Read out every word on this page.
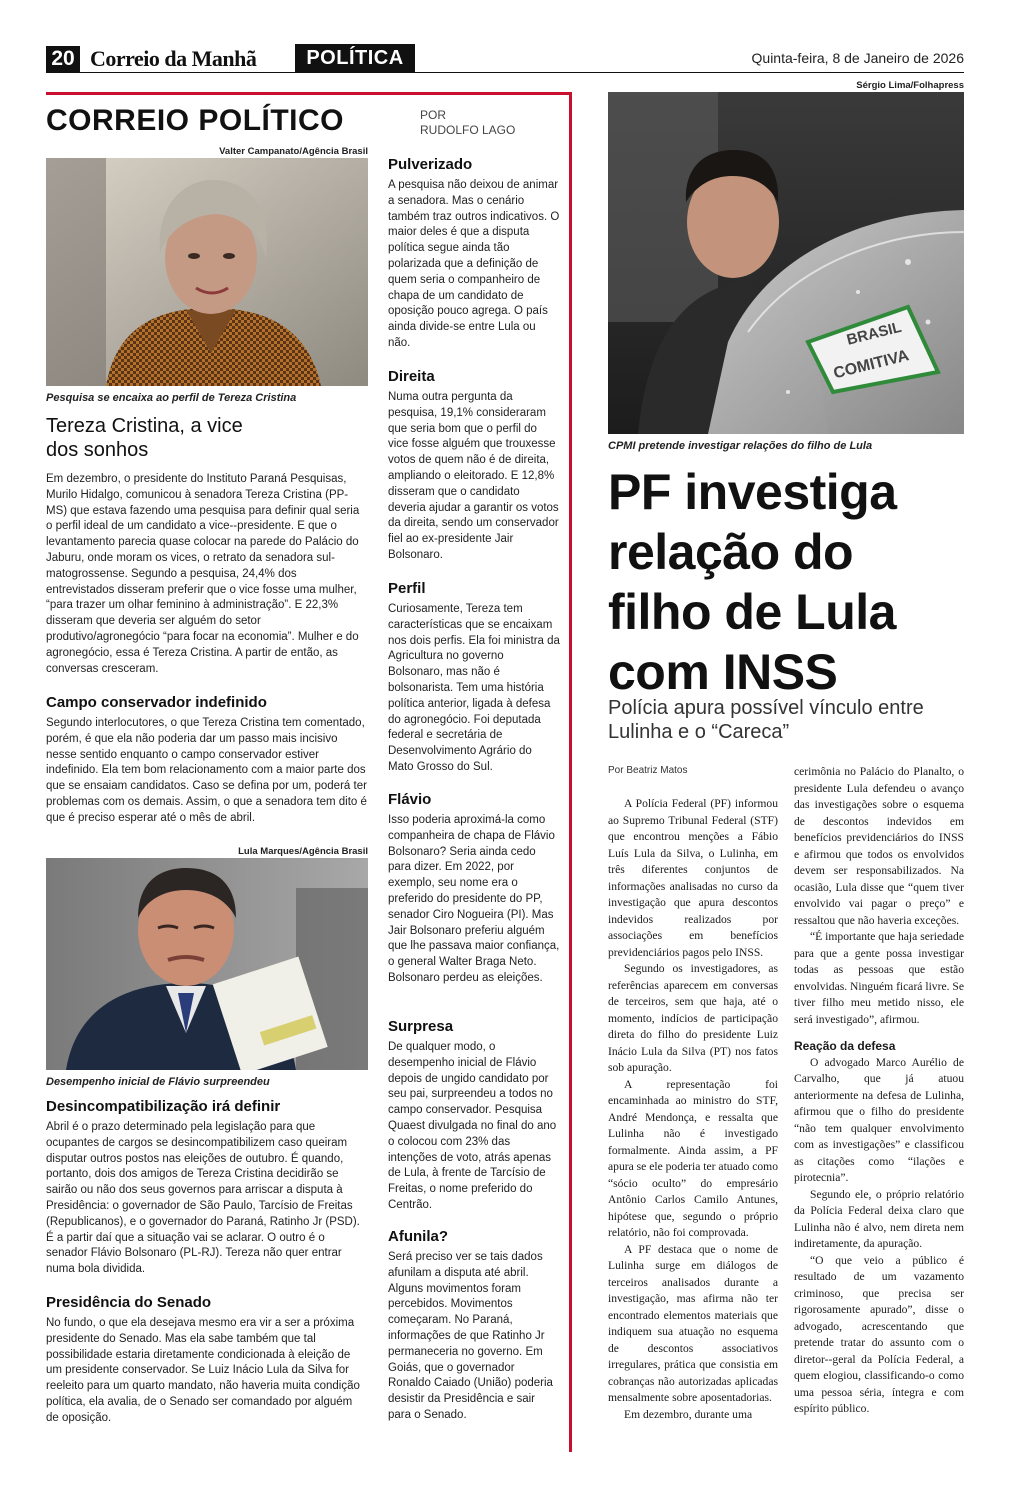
20 Correio da Manhã	POLÍTICA	Quinta-feira, 8 de Janeiro de 2026
CORREIO POLÍTICO	POR
RUDOLFO LAGO
Valter Campanato/Agência Brasil
Pesquisa se encaixa ao perfil de Tereza Cristina
Tereza Cristina, a vice dos sonhos
Em dezembro, o presidente do Instituto Paraná Pesquisas, Murilo Hidalgo, comunicou à senadora Tereza Cristina (PP-MS) que estava fazendo uma pesquisa para definir qual seria o perfil ideal de um candidato a vice--presidente. E que o levantamento parecia quase colocar na parede do Palácio do Jaburu, onde moram os vices, o retrato da senadora sul-matogrossense. Segundo a pesquisa, 24,4% dos entrevistados disseram preferir que o vice fosse uma mulher, “para trazer um olhar feminino à administração”. E 22,3% disseram que deveria ser alguém do setor produtivo/agronegócio “para focar na economia”. Mulher e do agronegócio, essa é Tereza Cristina. A partir de então, as conversas cresceram.
Campo conservador indefinido
Segundo interlocutores, o que Tereza Cristina tem comentado, porém, é que ela não poderia dar um passo mais incisivo nesse sentido enquanto o campo conservador estiver indefinido. Ela tem bom relacionamento com a maior parte dos que se ensaiam candidatos. Caso se defina por um, poderá ter problemas com os demais. Assim, o que a senadora tem dito é que é preciso esperar até o mês de abril.
Lula Marques/Agência Brasil
Desempenho inicial de Flávio surpreendeu
Desincompatibilização irá definir
Abril é o prazo determinado pela legislação para que ocupantes de cargos se desincompatibilizem caso queiram disputar outros postos nas eleições de outubro. É quando, portanto, dois dos amigos de Tereza Cristina decidirão se sairão ou não dos seus governos para arriscar a disputa à Presidência: o governador de São Paulo, Tarcísio de Freitas (Republicanos), e o governador do Paraná, Ratinho Jr (PSD). É a partir daí que a situação vai se aclarar. O outro é o senador Flávio Bolsonaro (PL-RJ). Tereza não quer entrar numa bola dividida.
Presidência do Senado
No fundo, o que ela desejava mesmo era vir a ser a próxima presidente do Senado. Mas ela sabe também que tal possibilidade estaria diretamente condicionada à eleição de um presidente conservador. Se Luiz Inácio Lula da Silva for reeleito para um quarto mandato, não haveria muita condição política, ela avalia, de o Senado ser comandado por alguém de oposição.
Pulverizado
A pesquisa não deixou de animar a senadora. Mas o cenário também traz outros indicativos. O maior deles é que a disputa política segue ainda tão polarizada que a definição de quem seria o companheiro de chapa de um candidato de oposição pouco agrega. O país ainda divide-se entre Lula ou não.
Direita
Numa outra pergunta da pesquisa, 19,1% consideraram que seria bom que o perfil do vice fosse alguém que trouxesse votos de quem não é de direita, ampliando o eleitorado. E 12,8% disseram que o candidato deveria ajudar a garantir os votos da direita, sendo um conservador fiel ao ex-presidente Jair Bolsonaro.
Perfil
Curiosamente, Tereza tem características que se encaixam nos dois perfis. Ela foi ministra da Agricultura no governo Bolsonaro, mas não é bolsonarista. Tem uma história política anterior, ligada à defesa do agronegócio. Foi deputada federal e secretária de Desenvolvimento Agrário do Mato Grosso do Sul.
Flávio
Isso poderia aproximá-la como companheira de chapa de Flávio Bolsonaro? Seria ainda cedo para dizer. Em 2022, por exemplo, seu nome era o preferido do presidente do PP, senador Ciro Nogueira (PI). Mas Jair Bolsonaro preferiu alguém que lhe passava maior confiança, o general Walter Braga Neto. Bolsonaro perdeu as eleições.
Surpresa
De qualquer modo, o desempenho inicial de Flávio depois de ungido candidato por seu pai, surpreendeu a todos no campo conservador. Pesquisa Quaest divulgada no final do ano o colocou com 23% das intenções de voto, atrás apenas de Lula, à frente de Tarcísio de Freitas, o nome preferido do Centrão.
Afunila?
Será preciso ver se tais dados afunilam a disputa até abril. Alguns movimentos foram percebidos. Movimentos começaram. No Paraná, informações de que Ratinho Jr permaneceria no governo. Em Goiás, que o governador Ronaldo Caiado (União) poderia desistir da Presidência e sair para o Senado.
Sérgio Lima/Folhapress
BRASIL
COMITIVA
CPMI pretende investigar relações do filho de Lula
PF investiga relação do filho de Lula com INSS
Polícia apura possível vínculo entre Lulinha e o “Careca”
Por Beatriz Matos

A Polícia Federal (PF) informou ao Supremo Tribunal Federal (STF) que encontrou menções a Fábio Luís Lula da Silva, o Lulinha, em três diferentes conjuntos de informações analisadas no curso da investigação que apura descontos indevidos realizados por associações em benefícios previdenciários pagos pelo INSS.

Segundo os investigadores, as referências aparecem em conversas de terceiros, sem que haja, até o momento, indícios de participação direta do filho do presidente Luiz Inácio Lula da Silva (PT) nos fatos sob apuração.

A representação foi encaminhada ao ministro do STF, André Mendonça, e ressalta que Lulinha não é investigado formalmente. Ainda assim, a PF apura se ele poderia ter atuado como “sócio oculto” do empresário Antônio Carlos Camilo Antunes, hipótese que, segundo o próprio relatório, não foi comprovada.

A PF destaca que o nome de Lulinha surge em diálogos de terceiros analisados durante a investigação, mas afirma não ter encontrado elementos materiais que indiquem sua atuação no esquema de descontos associativos irregulares, prática que consistia em cobranças não autorizadas aplicadas mensalmente sobre aposentadorias.

Em dezembro, durante uma

cerimônia no Palácio do Planalto, o presidente Lula defendeu o avanço das investigações sobre o esquema de descontos indevidos em benefícios previdenciários do INSS e afirmou que todos os envolvidos devem ser responsabilizados. Na ocasião, Lula disse que “quem tiver envolvido vai pagar o preço” e ressaltou que não haveria exceções.

“É importante que haja seriedade para que a gente possa investigar todas as pessoas que estão envolvidas. Ninguém ficará livre. Se tiver filho meu metido nisso, ele será investigado”, afirmou.

Reação da defesa

O advogado Marco Aurélio de Carvalho, que já atuou anteriormente na defesa de Lulinha, afirmou que o filho do presidente “não tem qualquer envolvimento com as investigações” e classificou as citações como “ilações e pirotecnia”.

Segundo ele, o próprio relatório da Polícia Federal deixa claro que Lulinha não é alvo, nem direta nem indiretamente, da apuração.

“O que veio a público é resultado de um vazamento criminoso, que precisa ser rigorosamente apurado”, disse o advogado, acrescentando que pretende tratar do assunto com o diretor--geral da Polícia Federal, a quem elogiou, classificando-o como uma pessoa séria, íntegra e com espírito público.
